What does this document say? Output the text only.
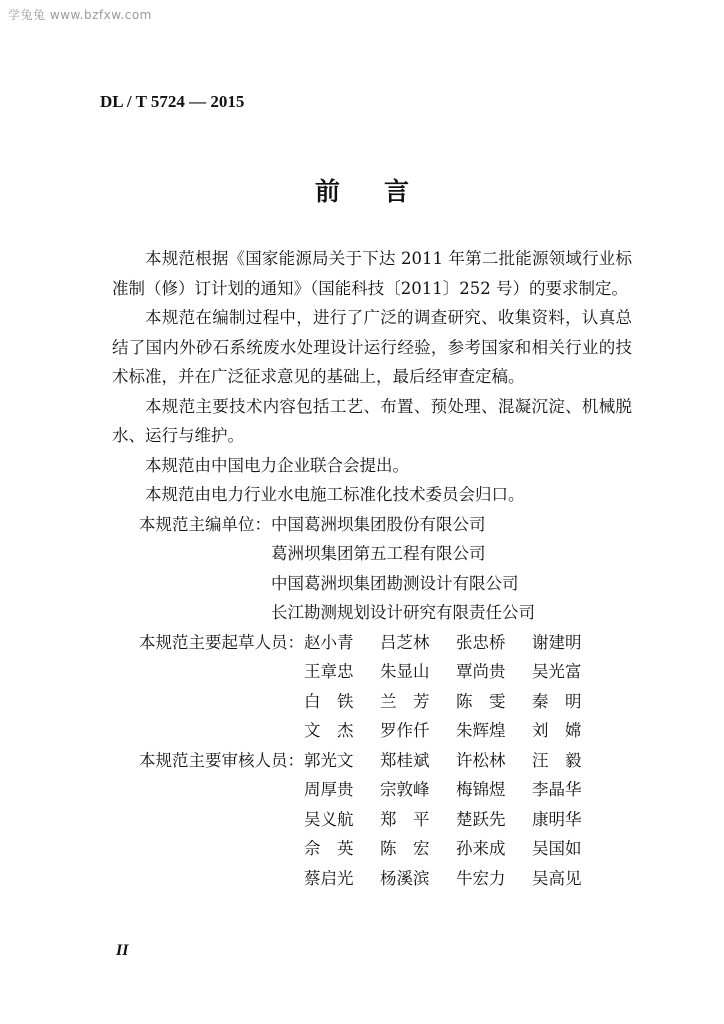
学兔兔 www.bzfxw.com
DL / T 5724 — 2015
前言

本规范根据《国家能源局关于下达 2011 年第二批能源领域行业标准制（修）订计划的通知》（国能科技〔2011〕252 号）的要求制定。

本规范在编制过程中，进行了广泛的调查研究、收集资料，认真总结了国内外砂石系统废水处理设计运行经验，参考国家和相关行业的技术标准，并在广泛征求意见的基础上，最后经审查定稿。

本规范主要技术内容包括工艺、布置、预处理、混凝沉淀、机械脱水、运行与维护。

本规范由中国电力企业联合会提出。

本规范由电力行业水电施工标准化技术委员会归口。

本规范主编单位： 中国葛洲坝集团股份有限公司
葛洲坝集团第五工程有限公司
中国葛洲坝集团勘测设计有限公司
长江勘测规划设计研究有限责任公司
本规范主要起草人员： 赵小青	吕芝林	张忠桥	谢建明
王章忠	朱显山	覃尚贵	吴光富
白　铁	兰　芳	陈　雯	秦　明
文　杰	罗作仟	朱辉煌	刘　嫦
本规范主要审核人员： 郭光文	郑桂斌	许松林	汪　毅
周厚贵	宗敦峰	梅锦煜	李晶华
吴义航	郑　平	楚跃先	康明华
佘　英	陈　宏	孙来成	吴国如
蔡启光	杨溪滨	牛宏力	吴高见
II
